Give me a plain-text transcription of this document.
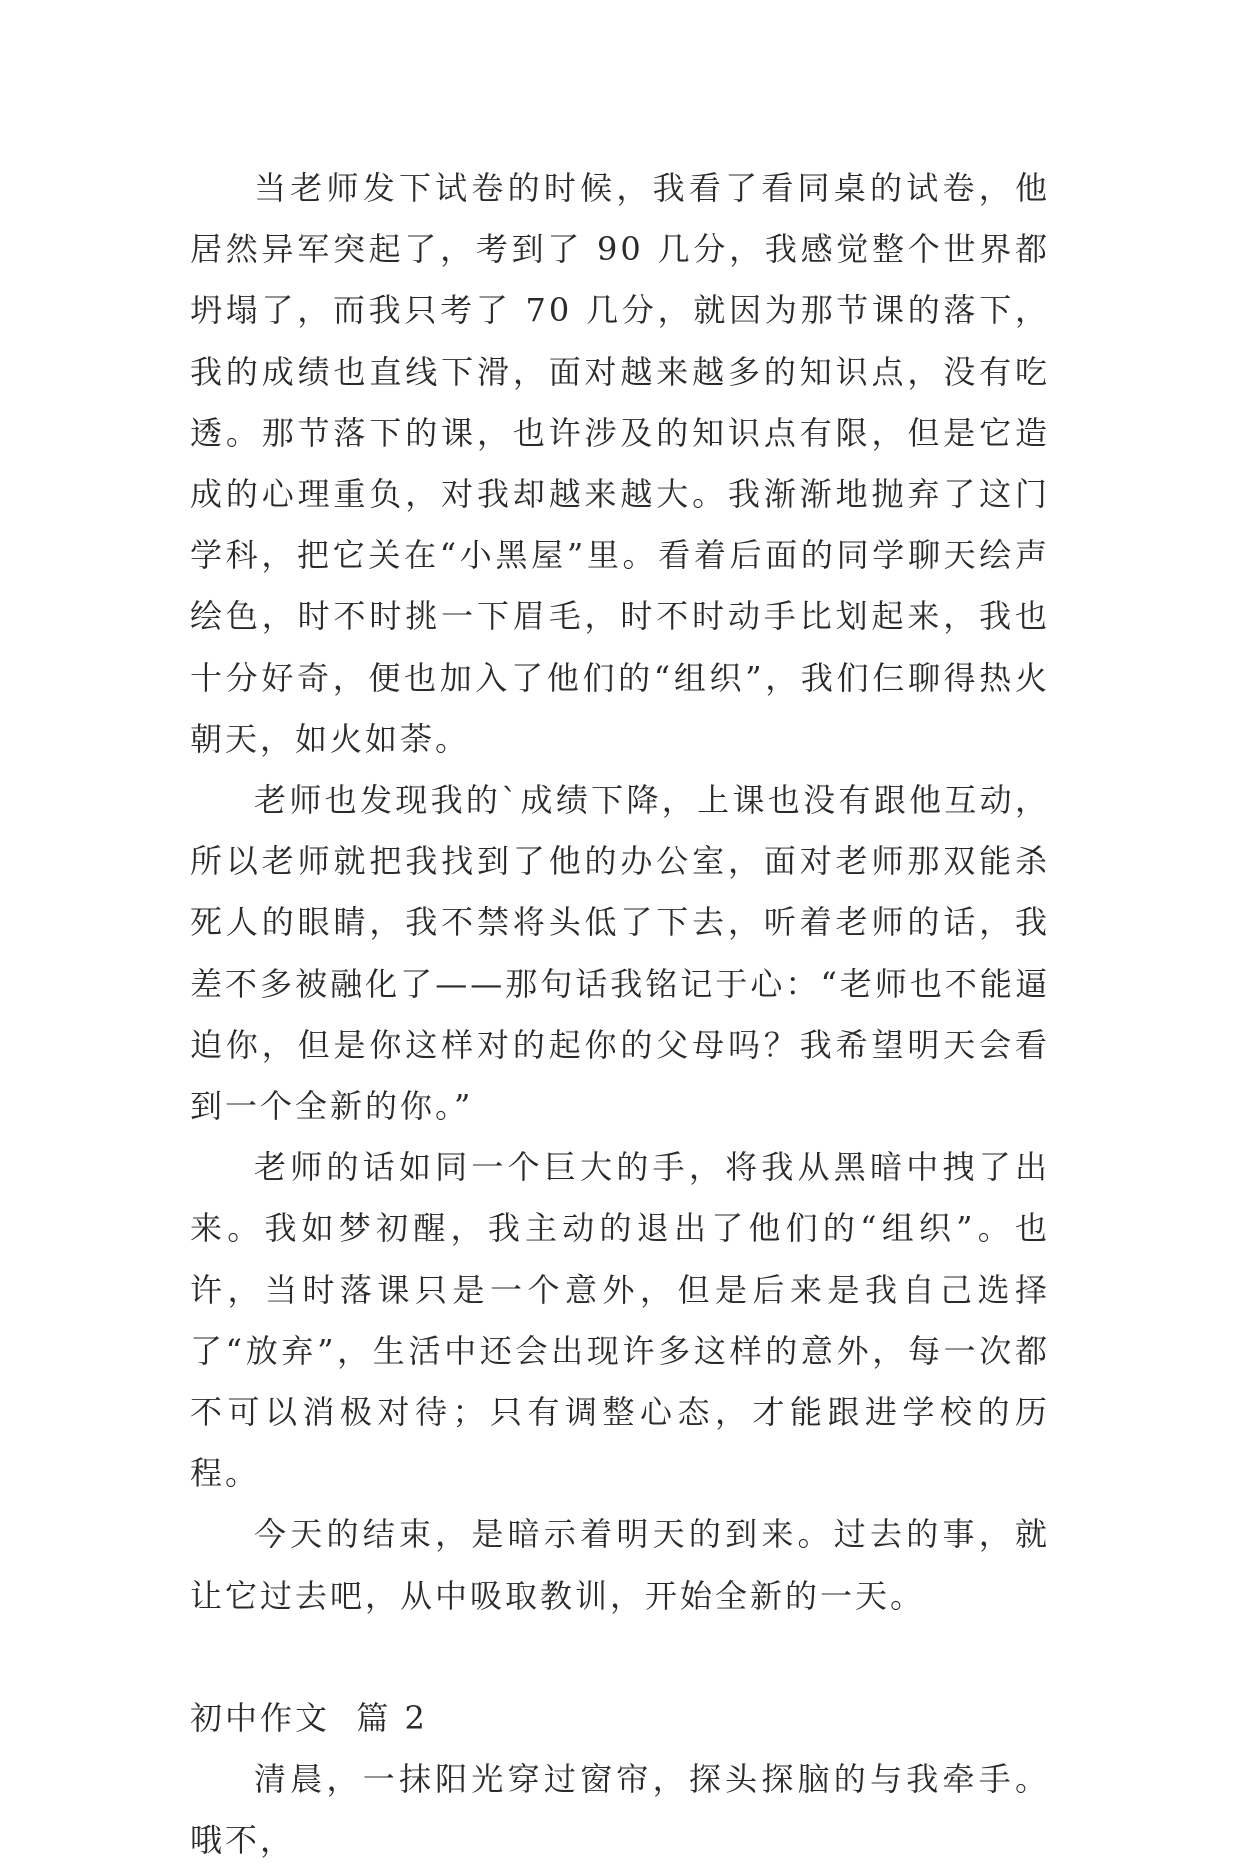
当老师发下试卷的时候，我看了看同桌的试卷，他居然异军突起了，考到了 90 几分，我感觉整个世界都坍塌了，而我只考了 70 几分，就因为那节课的落下，我的成绩也直线下滑，面对越来越多的知识点，没有吃透。那节落下的课，也许涉及的知识点有限，但是它造成的心理重负，对我却越来越大。我渐渐地抛弃了这门学科，把它关在“小黑屋”里。看着后面的同学聊天绘声绘色，时不时挑一下眉毛，时不时动手比划起来，我也十分好奇，便也加入了他们的“组织”，我们仨聊得热火朝天，如火如荼。

老师也发现我的`成绩下降，上课也没有跟他互动，所以老师就把我找到了他的办公室，面对老师那双能杀死人的眼睛，我不禁将头低了下去，听着老师的话，我差不多被融化了——那句话我铭记于心：“老师也不能逼迫你，但是你这样对的起你的父母吗？我希望明天会看到一个全新的你。”

老师的话如同一个巨大的手，将我从黑暗中拽了出来。我如梦初醒，我主动的退出了他们的“组织”。也许，当时落课只是一个意外，但是后来是我自己选择了“放弃”，生活中还会出现许多这样的意外，每一次都不可以消极对待；只有调整心态，才能跟进学校的历程。

今天的结束，是暗示着明天的到来。过去的事，就让它过去吧，从中吸取教训，开始全新的一天。

初中作文  篇 2

清晨，一抹阳光穿过窗帘，探头探脑的与我牵手。哦不，
